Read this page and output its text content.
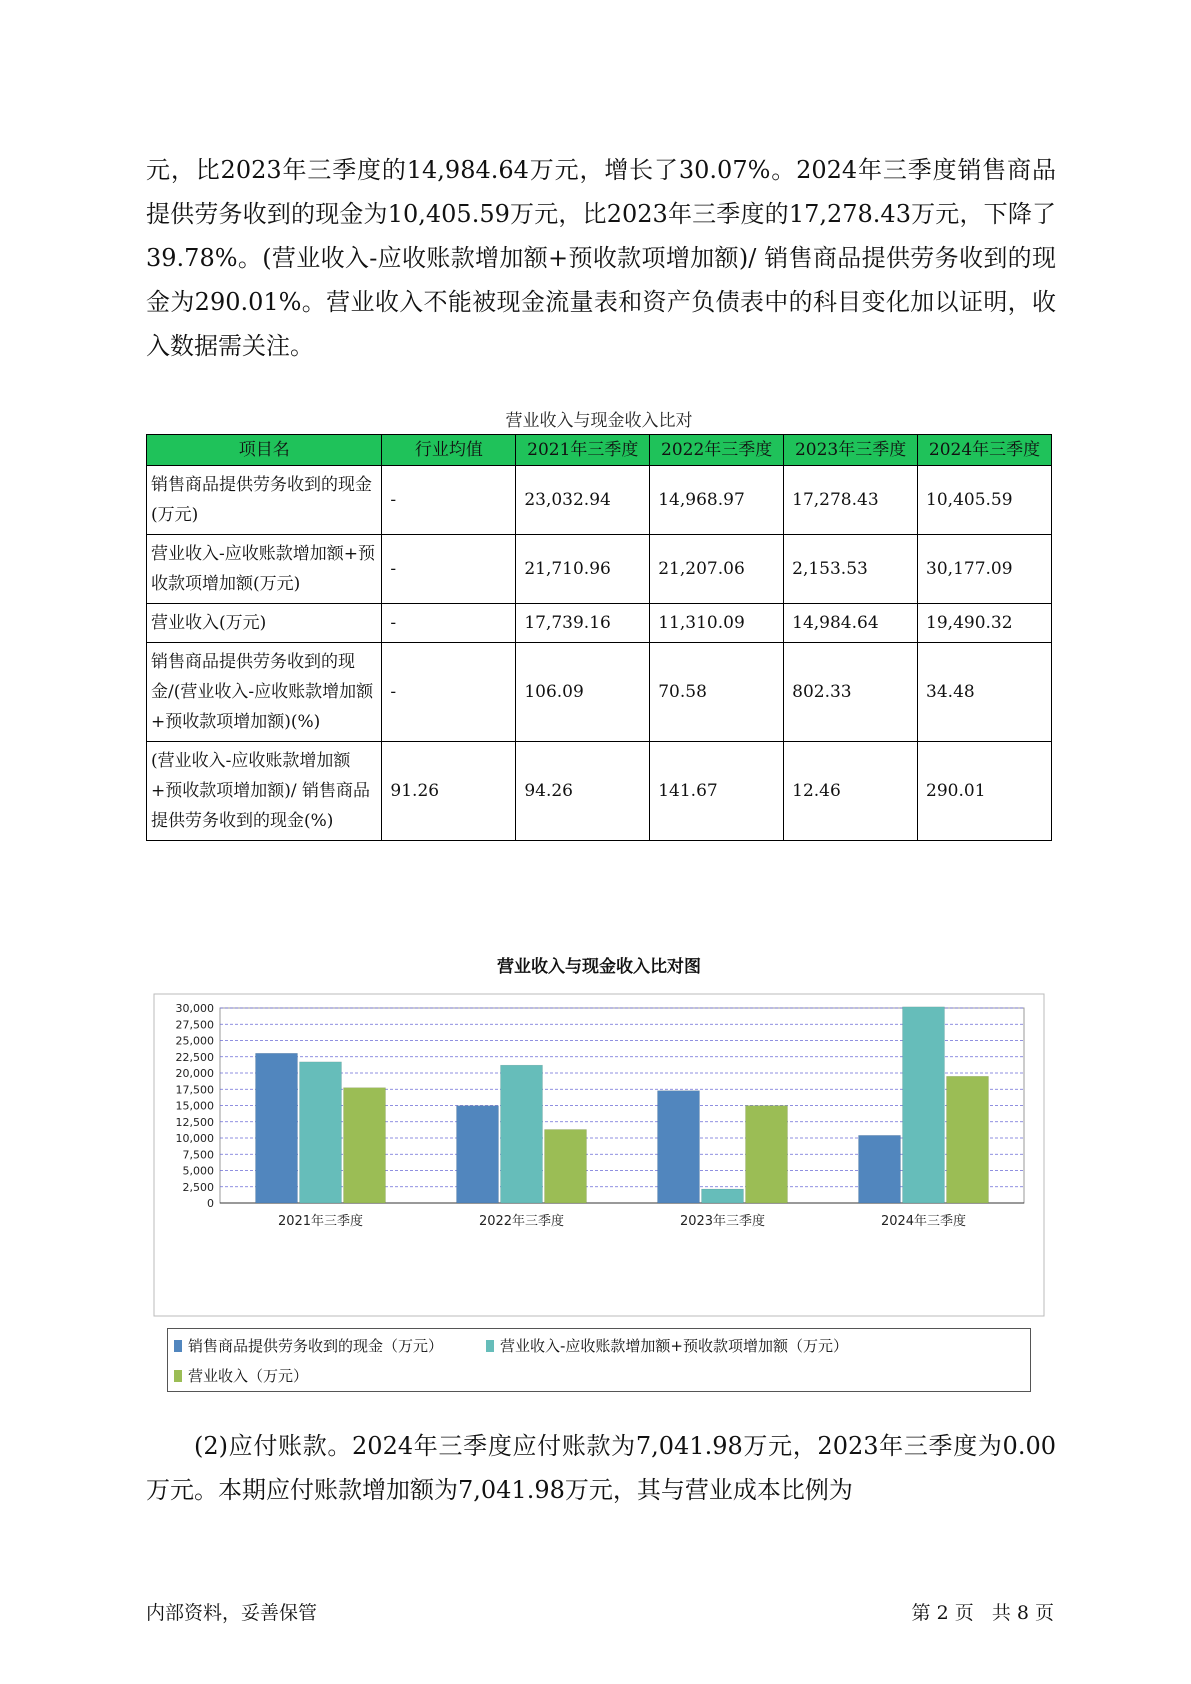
元，比2023年三季度的14,984.64万元，增长了30.07%。2024年三季度销售商品提供劳务收到的现金为10,405.59万元，比2023年三季度的17,278.43万元，下降了39.78%。(营业收入-应收账款增加额+预收款项增加额)/ 销售商品提供劳务收到的现金为290.01%。营业收入不能被现金流量表和资产负债表中的科目变化加以证明，收入数据需关注。

营业收入与现金收入比对
项目名	行业均值	2021年三季度	2022年三季度	2023年三季度	2024年三季度
销售商品提供劳务收到的现金(万元)	-	23,032.94	14,968.97	17,278.43	10,405.59
营业收入-应收账款增加额+预收款项增加额(万元)	-	21,710.96	21,207.06	2,153.53	30,177.09
营业收入(万元)	-	17,739.16	11,310.09	14,984.64	19,490.32
销售商品提供劳务收到的现金/(营业收入-应收账款增加额+预收款项增加额)(%)	-	106.09	70.58	802.33	34.48
(营业收入-应收账款增加额+预收款项增加额)/ 销售商品提供劳务收到的现金(%)	91.26	94.26	141.67	12.46	290.01
营业收入与现金收入比对图
0
2,500
5,000
7,500
10,000
12,500
15,000
17,500
20,000
22,500
25,000
27,500
30,000
2021年三季度	2022年三季度	2023年三季度	2024年三季度
销售商品提供劳务收到的现金（万元）	营业收入-应收账款增加额+预收款项增加额（万元）
营业收入（万元）

(2)应付账款。2024年三季度应付账款为7,041.98万元，2023年三季度为0.00万元。本期应付账款增加额为7,041.98万元，其与营业成本比例为

内部资料，妥善保管	第 2 页   共 8 页
